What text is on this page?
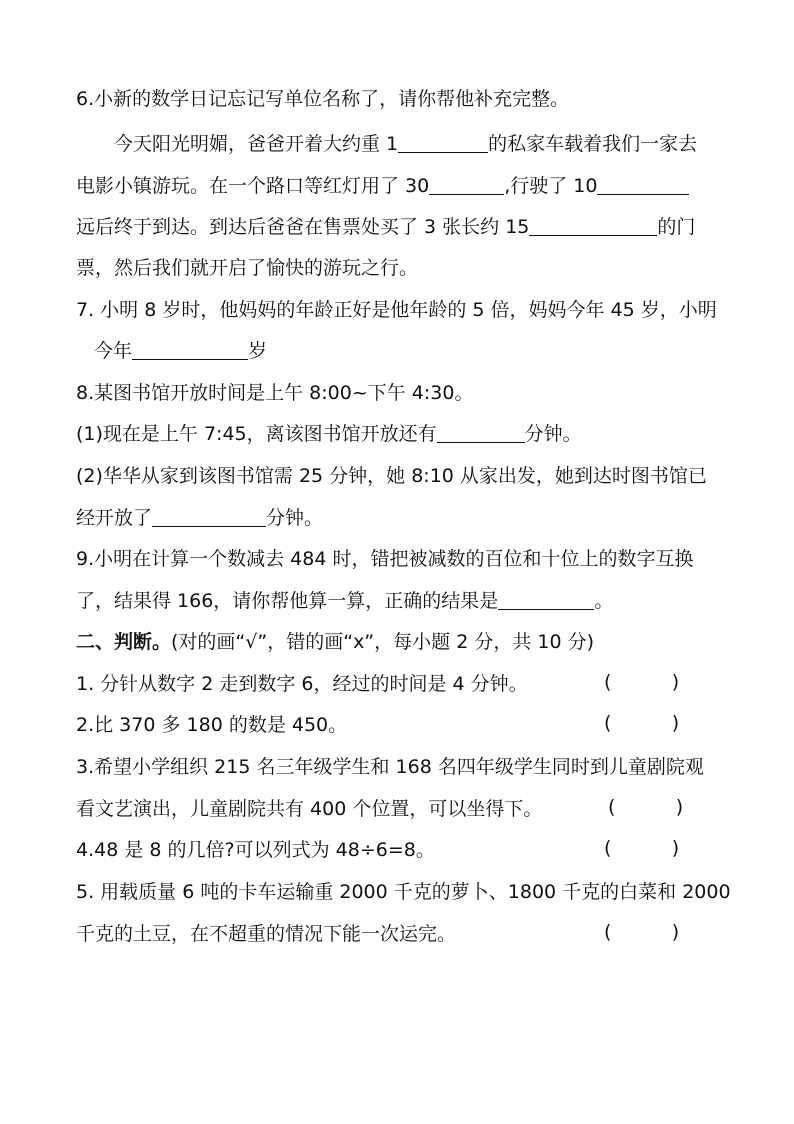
6.小新的数学日记忘记写单位名称了，请你帮他补充完整。
今天阳光明媚，爸爸开着大约重 1	的私家车载着我们一家去
电影小镇游玩。在一个路口等红灯用了 30	,行驶了 10
远后终于到达。到达后爸爸在售票处买了 3 张长约 15	的门
票，然后我们就开启了愉快的游玩之行。
7. 小明 8 岁时，他妈妈的年龄正好是他年龄的 5 倍，妈妈今年 45 岁，小明
今年	岁
8.某图书馆开放时间是上午 8:00~下午 4:30。
(1)现在是上午 7:45，离该图书馆开放还有	分钟。
(2)华华从家到该图书馆需 25 分钟，她 8:10 从家出发，她到达时图书馆已
经开放了	分钟。
9.小明在计算一个数减去 484 时，错把被减数的百位和十位上的数字互换
了，结果得 166，请你帮他算一算，正确的结果是	。
二、判断。(对的画“√”，错的画“x”，每小题 2 分，共 10 分)
1. 分针从数字 2 走到数字 6，经过的时间是 4 分钟。	(          )
2.比 370 多 180 的数是 450。	(          )
3.希望小学组织 215 名三年级学生和 168 名四年级学生同时到儿童剧院观
看文艺演出，儿童剧院共有 400 个位置，可以坐得下。	(          )
4.48 是 8 的几倍?可以列式为 48÷6=8。	(          )
5. 用载质量 6 吨的卡车运输重 2000 千克的萝卜、1800 千克的白菜和 2000
千克的土豆，在不超重的情况下能一次运完。	(          )
